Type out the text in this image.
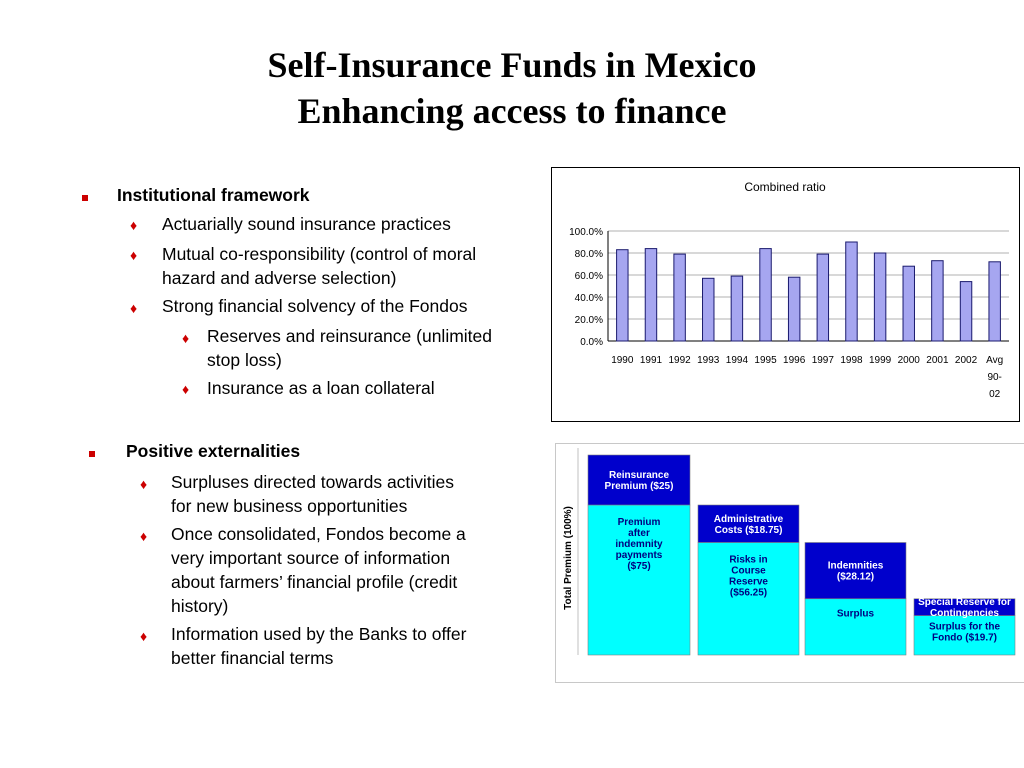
Self-Insurance Funds in Mexico
Enhancing access to finance
Institutional framework
♦ Actuarially sound insurance practices
♦ Mutual co-responsibility (control of moral
hazard and adverse selection)
♦ Strong financial solvency of the Fondos
♦ Reserves and reinsurance (unlimited
stop loss)
♦ Insurance as a loan collateral
Positive externalities
♦ Surpluses directed towards activities
for new business opportunities
♦ Once consolidated, Fondos become a
very important source of information
about farmers’ financial profile (credit
history)
♦ Information used by the Banks to offer
better financial terms
Combined ratio
0.0%
20.0%
40.0%
60.0%
80.0%
100.0%
1990 1991 1992 1993 1994 1995 1996 1997 1998 1999 2000 2001 2002 Avg
90-
02
Total Premium (100%)	Premium
after
indemnity
payments
($75)
Reinsurance
Premium ($25)
Risks in
Course
Reserve
($56.25)
Administrative
Costs ($18.75)
Surplus
Indemnities
($28.12)
Surplus for the
Fondo ($19.7)
Special Reserve for
Contingencies
